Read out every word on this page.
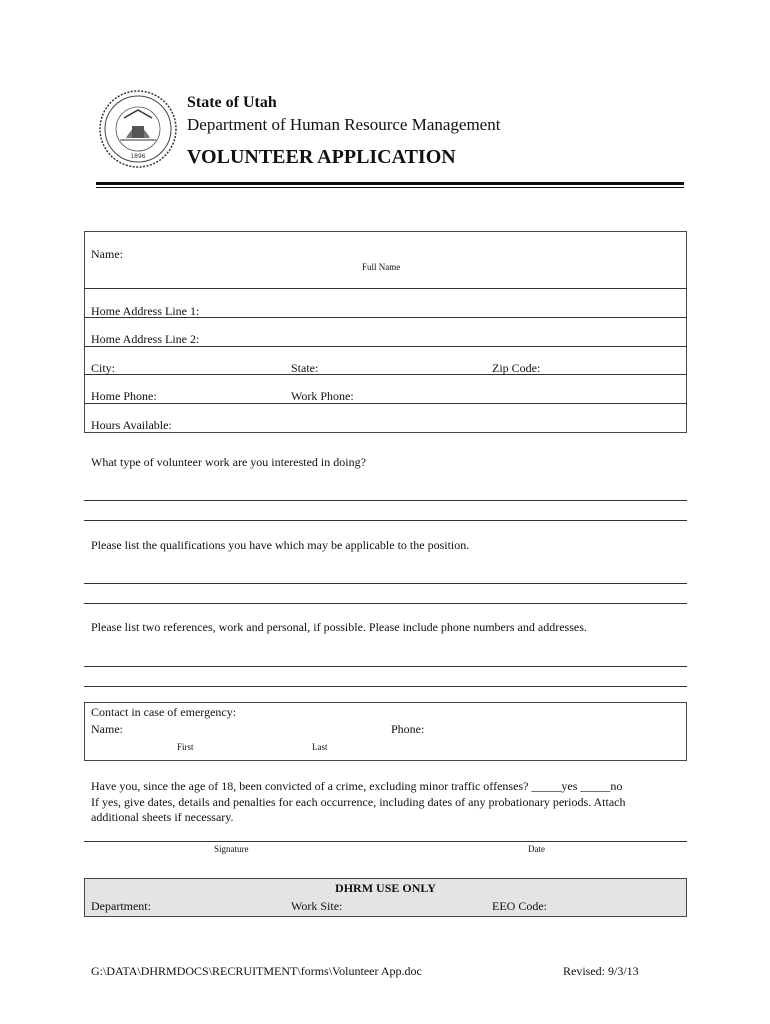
1896
State of Utah
Department of Human Resource Management
VOLUNTEER APPLICATION
Name:
Full Name
Home Address Line 1:
Home Address Line 2:
City:	State:	Zip Code:
Home Phone:	Work Phone:
Hours Available:
What type of volunteer work are you interested in doing?
Please list the qualifications you have which may be applicable to the position.
Please list two references, work and personal, if possible. Please include phone numbers and addresses.
Contact in case of emergency:
Name:	Phone:
First	Last
Have you, since the age of 18, been convicted of a crime, excluding minor traffic offenses? _____yes _____no
If yes, give dates, details and penalties for each occurrence, including dates of any probationary periods. Attach
additional sheets if necessary.
Signature	Date
DHRM USE ONLY
Department:	Work Site:	EEO Code:
G:\DATA\DHRMDOCS\RECRUITMENT\forms\Volunteer App.doc	Revised: 9/3/13
